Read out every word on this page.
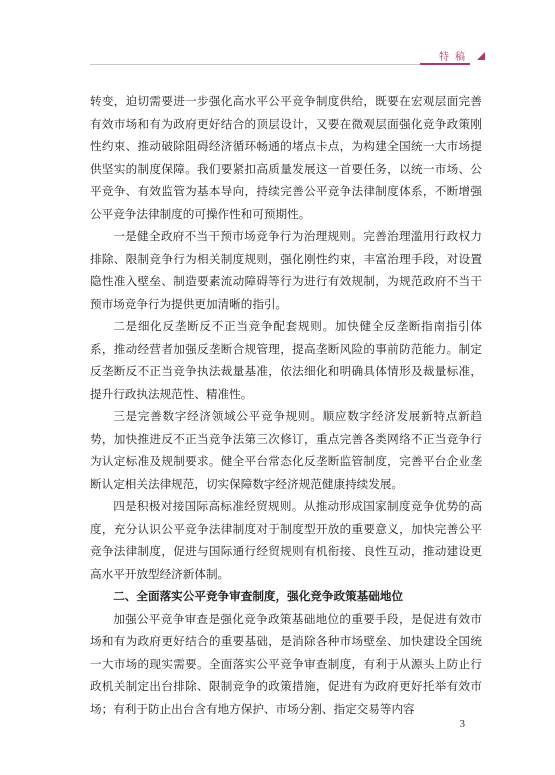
特稿

转变，迫切需要进一步强化高水平公平竞争制度供给，既要在宏观层面完善有效市场和有为政府更好结合的顶层设计，又要在微观层面强化竞争政策刚性约束、推动破除阻碍经济循环畅通的堵点卡点，为构建全国统一大市场提供坚实的制度保障。我们要紧扣高质量发展这一首要任务，以统一市场、公平竞争、有效监管为基本导向，持续完善公平竞争法律制度体系，不断增强公平竞争法律制度的可操作性和可预期性。

一是健全政府不当干预市场竞争行为治理规则。完善治理滥用行政权力排除、限制竞争行为相关制度规则，强化刚性约束，丰富治理手段，对设置隐性准入壁垒、制造要素流动障碍等行为进行有效规制，为规范政府不当干预市场竞争行为提供更加清晰的指引。

二是细化反垄断反不正当竞争配套规则。加快健全反垄断指南指引体系，推动经营者加强反垄断合规管理，提高垄断风险的事前防范能力。制定反垄断反不正当竞争执法裁量基准，依法细化和明确具体情形及裁量标准，提升行政执法规范性、精准性。

三是完善数字经济领域公平竞争规则。顺应数字经济发展新特点新趋势，加快推进反不正当竞争法第三次修订，重点完善各类网络不正当竞争行为认定标准及规制要求。健全平台常态化反垄断监管制度，完善平台企业垄断认定相关法律规范，切实保障数字经济规范健康持续发展。

四是积极对接国际高标准经贸规则。从推动形成国家制度竞争优势的高度，充分认识公平竞争法律制度对于制度型开放的重要意义，加快完善公平竞争法律制度，促进与国际通行经贸规则有机衔接、良性互动，推动建设更高水平开放型经济新体制。

二、全面落实公平竞争审查制度，强化竞争政策基础地位

加强公平竞争审查是强化竞争政策基础地位的重要手段，是促进有效市场和有为政府更好结合的重要基础，是消除各种市场壁垒、加快建设全国统一大市场的现实需要。全面落实公平竞争审查制度，有利于从源头上防止行政机关制定出台排除、限制竞争的政策措施，促进有为政府更好托举有效市场；有利于防止出台含有地方保护、市场分割、指定交易等内容

3
